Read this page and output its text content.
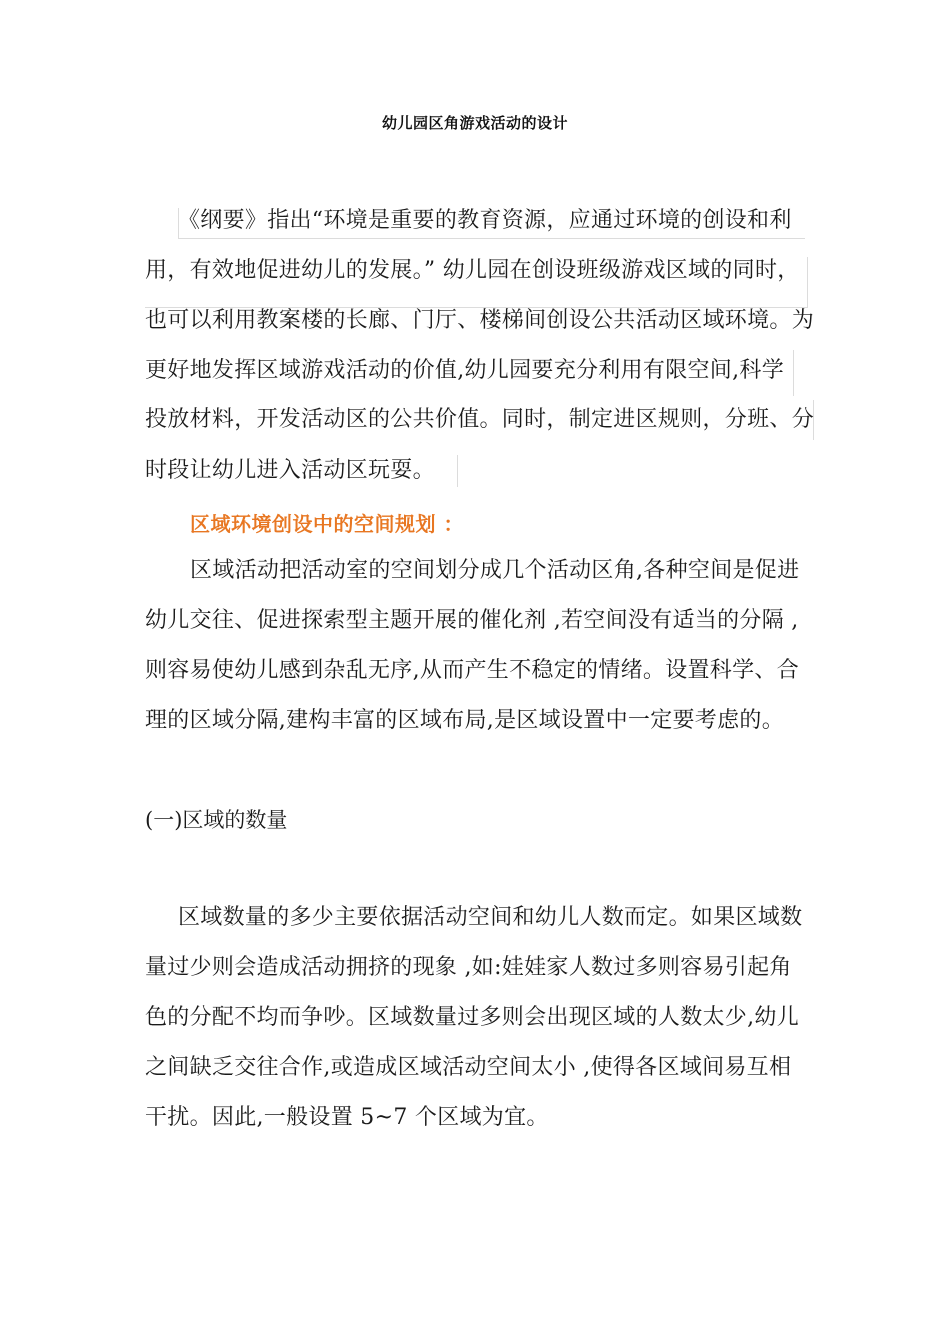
幼儿园区角游戏活动的设计
《纲要》指出“环境是重要的教育资源，应通过环境的创设和利
用，有效地促进幼儿的发展。” 幼儿园在创设班级游戏区域的同时，
也可以利用教案楼的长廊、门厅、楼梯间创设公共活动区域环境。为
更好地发挥区域游戏活动的价值,幼儿园要充分利用有限空间,科学
投放材料，开发活动区的公共价值。同时，制定进区规则，分班、分
时段让幼儿进入活动区玩耍。
区域环境创设中的空间规划 ：
区域活动把活动室的空间划分成几个活动区角,各种空间是促进
幼儿交往、促进探索型主题开展的催化剂 ,若空间没有适当的分隔 ,
则容易使幼儿感到杂乱无序,从而产生不稳定的情绪。设置科学、合
理的区域分隔,建构丰富的区域布局,是区域设置中一定要考虑的。
(一)区域的数量
区域数量的多少主要依据活动空间和幼儿人数而定。如果区域数
量过少则会造成活动拥挤的现象 ,如:娃娃家人数过多则容易引起角
色的分配不均而争吵。区域数量过多则会出现区域的人数太少,幼儿
之间缺乏交往合作,或造成区域活动空间太小 ,使得各区域间易互相
干扰。因此,一般设置 5~7 个区域为宜。
